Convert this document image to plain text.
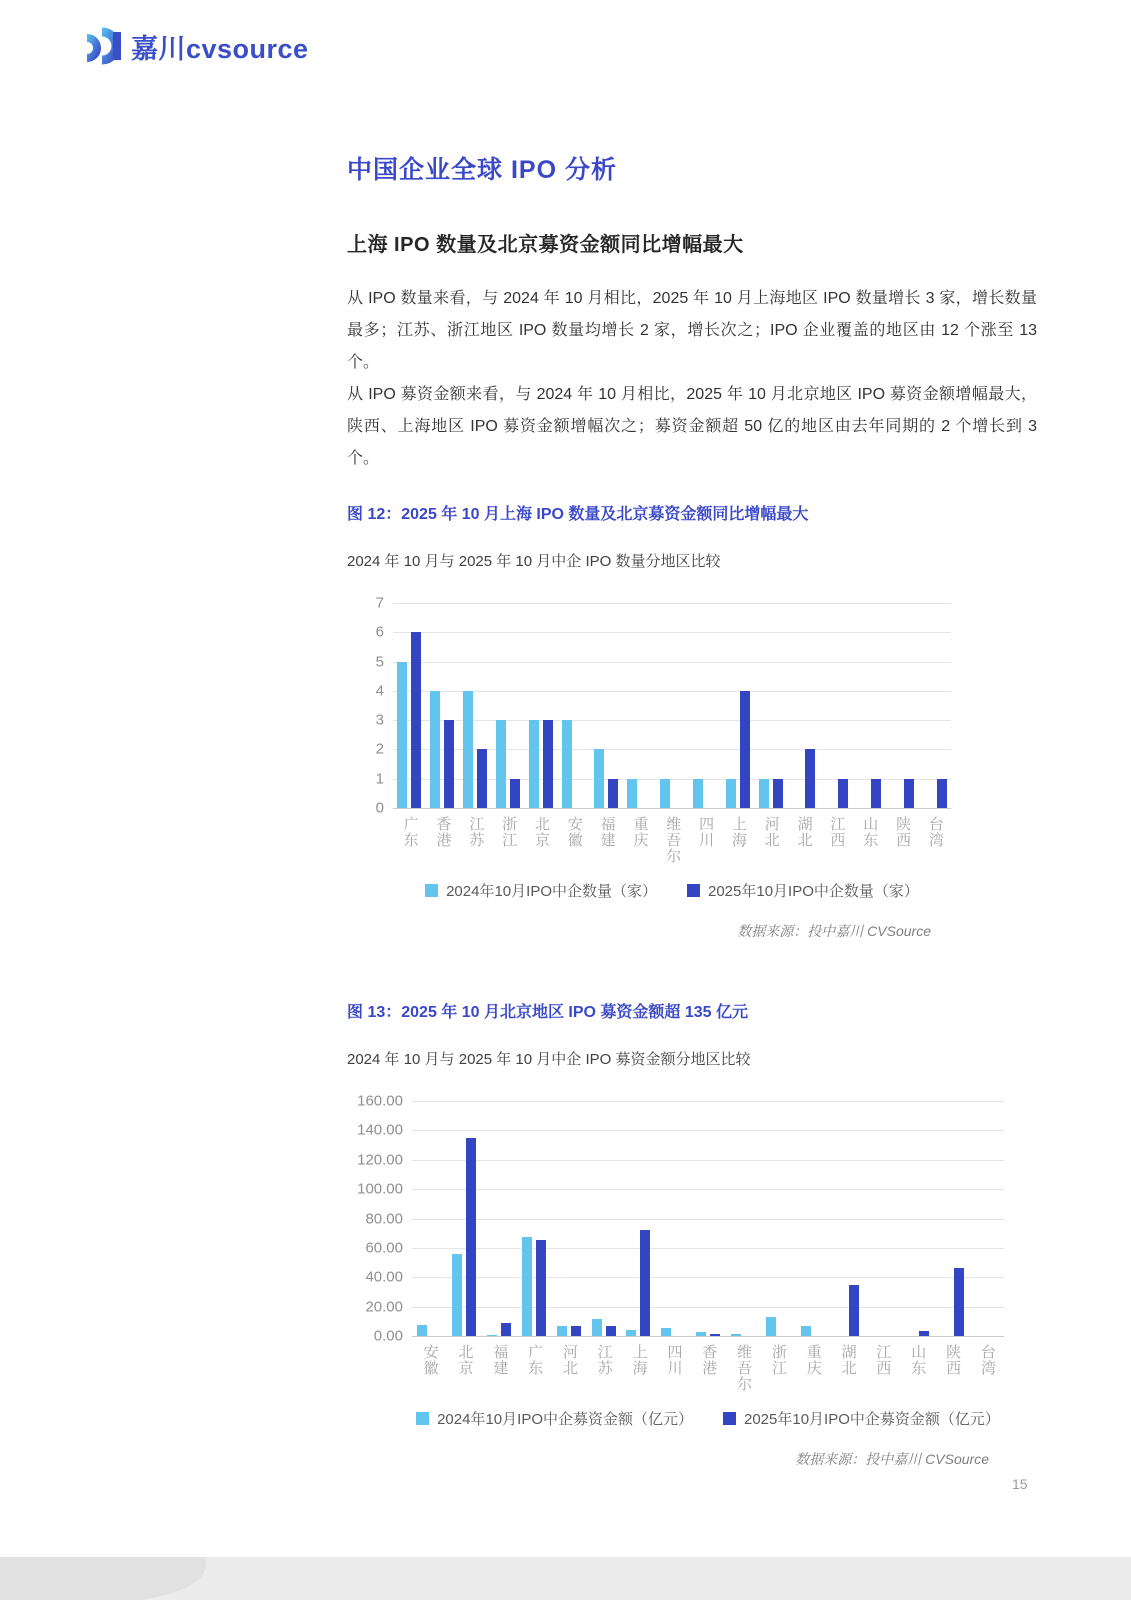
嘉川cvsource
中国企业全球 IPO 分析
上海 IPO 数量及北京募资金额同比增幅最大

从 IPO 数量来看，与 2024 年 10 月相比，2025 年 10 月上海地区 IPO 数量增长 3 家，增长数量最多；江苏、浙江地区 IPO 数量均增长 2 家，增长次之；IPO 企业覆盖的地区由 12 个涨至 13 个。

从 IPO 募资金额来看，与 2024 年 10 月相比，2025 年 10 月北京地区 IPO 募资金额增幅最大，陕西、上海地区 IPO 募资金额增幅次之；募资金额超 50 亿的地区由去年同期的 2 个增长到 3 个。

图 12：2025 年 10 月上海 IPO 数量及北京募资金额同比增幅最大
2024 年 10 月与 2025 年 10 月中企 IPO 数量分地区比较
0
1
2
3
4
5
6
7
广东 香港 江苏 浙江 北京 安徽 福建 重庆 维吾尔 四川 上海 河北 湖北 江西 山东 陕西 台湾
2024年10月IPO中企数量（家）	2025年10月IPO中企数量（家）
数据来源：投中嘉川 CVSource
图 13：2025 年 10 月北京地区 IPO 募资金额超 135 亿元
2024 年 10 月与 2025 年 10 月中企 IPO 募资金额分地区比较
0.00
20.00
40.00
60.00
80.00
100.00
120.00
140.00
160.00
安徽 北京 福建 广东 河北 江苏 上海 四川 香港 维吾尔 浙江 重庆 湖北 江西 山东 陕西 台湾
2024年10月IPO中企募资金额（亿元）	2025年10月IPO中企募资金额（亿元）
数据来源：投中嘉川 CVSource
15
